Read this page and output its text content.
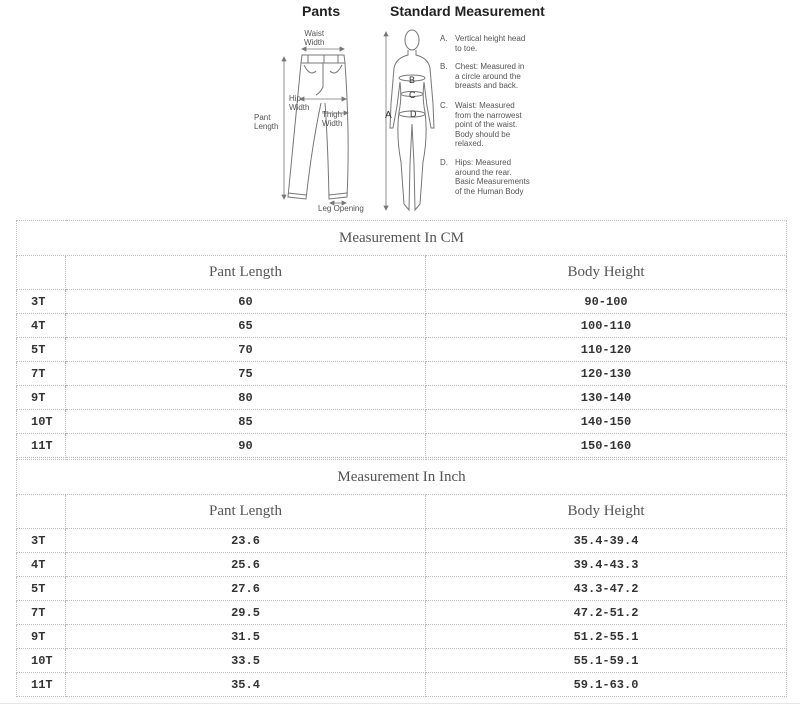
Pants	Standard Measurement
Waist
Width
Hip
Width
Thigh
Width
Pant
Length
Leg Opening
A
B
C
D
A. Vertical height head
to toe.
B. Chest: Measured in
a circle around the
breasts and back.
C. Waist: Measured
from the narrowest
point of the waist.
Body should be
relaxed.
D. Hips: Measured
around the rear.
Basic Measurements
of the Human Body
Measurement In CM		
	Pant Length	Body Height
3T	60	90-100
4T	65	100-110
5T	70	110-120
7T	75	120-130
9T	80	130-140
10T	85	140-150
11T	90	150-160
Measurement In Inch		
	Pant Length	Body Height
3T	23.6	35.4-39.4
4T	25.6	39.4-43.3
5T	27.6	43.3-47.2
7T	29.5	47.2-51.2
9T	31.5	51.2-55.1
10T	33.5	55.1-59.1
11T	35.4	59.1-63.0
